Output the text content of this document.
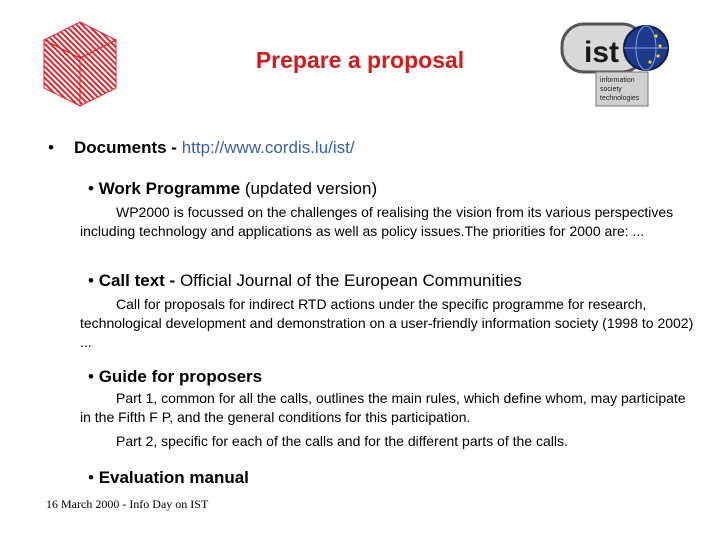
Prepare a proposal	ist
information
society
technologies
• Documents - http://www.cordis.lu/ist/
• Work Programme (updated version)
WP2000 is focussed on the challenges of realising the vision from its various perspectives including technology and applications as well as policy issues.The priorities for 2000 are: ...
• Call text - Official Journal of the European Communities
Call for proposals for indirect RTD actions under the specific programme for research, technological development and demonstration on a user-friendly information society (1998 to 2002) ...
• Guide for proposers
Part 1, common for all the calls, outlines the main rules, which define whom, may participate in the Fifth F P, and the general conditions for this participation.
Part 2, specific for each of the calls and for the different parts of the calls.
• Evaluation manual
16 March 2000 - Info Day on IST
